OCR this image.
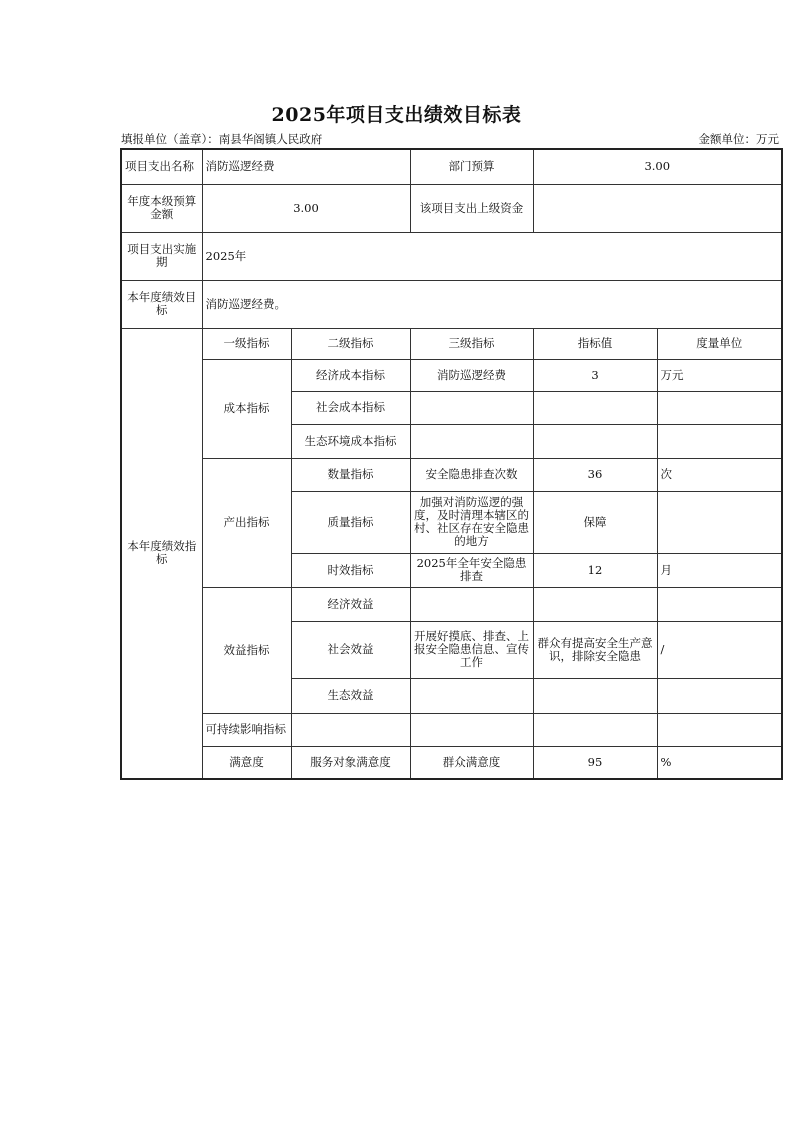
2025年项目支出绩效目标表
填报单位（盖章）：南县华阁镇人民政府	金额单位：万元
项目支出名称	消防巡逻经费		部门预算	3.00	
年度本级预算金额	3.00		该项目支出上级资金		
项目支出实施期	2025年				
本年度绩效目标	消防巡逻经费。				
本年度绩效指标	一级指标	二级指标	三级指标	指标值	度量单位
	成本指标	经济成本指标	消防巡逻经费	3	万元
		社会成本指标			
		生态环境成本指标			
	产出指标	数量指标	安全隐患排查次数	36	次
		质量指标	加强对消防巡逻的强度，及时清理本辖区的村、社区存在安全隐患的地方	保障	
		时效指标	2025年全年安全隐患排查	12	月
	效益指标	经济效益			
		社会效益	开展好摸底、排查、上报安全隐患信息、宣传工作	群众有提高安全生产意识，排除安全隐患	/
		生态效益			
	可持续影响指标				
	满意度	服务对象满意度	群众满意度	95	%
